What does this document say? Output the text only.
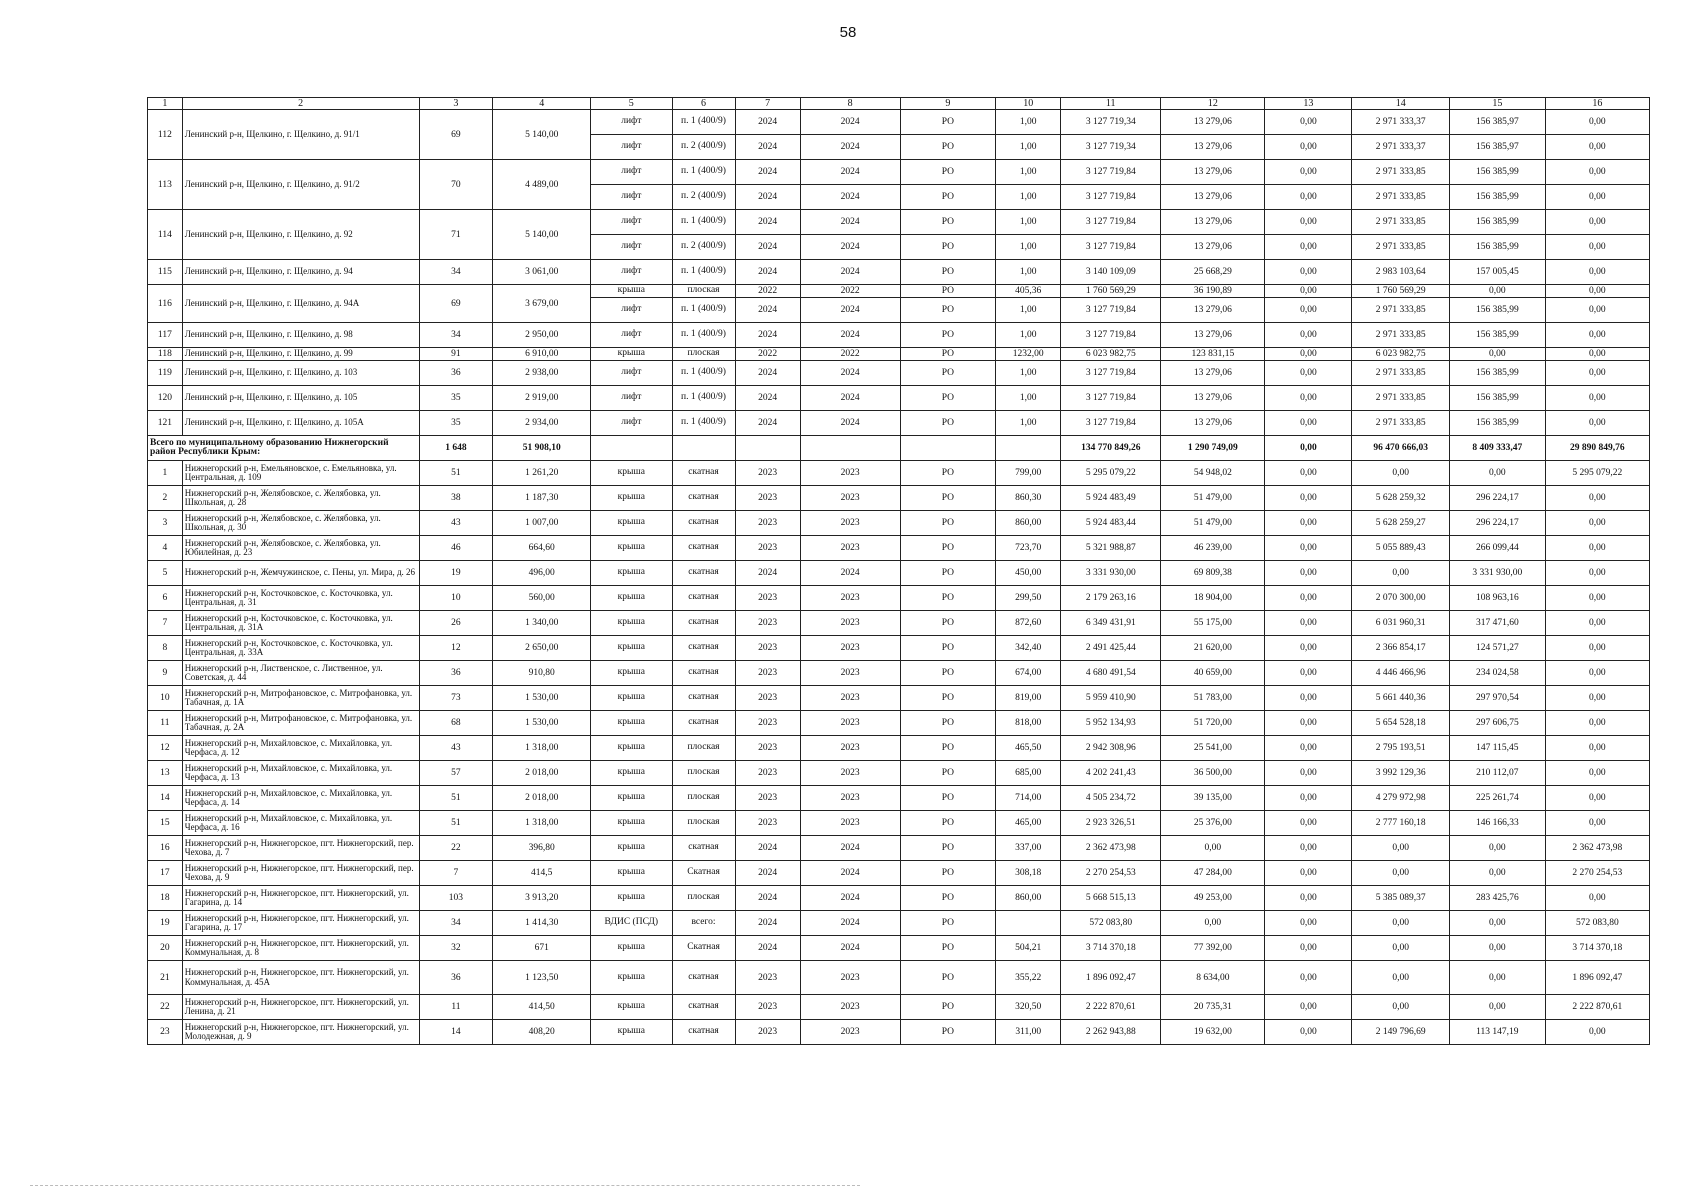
58
1	2	3	4	5	6	7	8	9	10	11	12	13	14	15	16
112	Ленинский р-н, Щелкино, г. Щелкино, д. 91/1	69	5 140,00	лифт	п. 1 (400/9)	2024	2024	РО	1,00	3 127 719,34	13 279,06	0,00	2 971 333,37	156 385,97	0,00
				лифт	п. 2 (400/9)	2024	2024	РО	1,00	3 127 719,34	13 279,06	0,00	2 971 333,37	156 385,97	0,00
113	Ленинский р-н, Щелкино, г. Щелкино, д. 91/2	70	4 489,00	лифт	п. 1 (400/9)	2024	2024	РО	1,00	3 127 719,84	13 279,06	0,00	2 971 333,85	156 385,99	0,00
				лифт	п. 2 (400/9)	2024	2024	РО	1,00	3 127 719,84	13 279,06	0,00	2 971 333,85	156 385,99	0,00
114	Ленинский р-н, Щелкино, г. Щелкино, д. 92	71	5 140,00	лифт	п. 1 (400/9)	2024	2024	РО	1,00	3 127 719,84	13 279,06	0,00	2 971 333,85	156 385,99	0,00
				лифт	п. 2 (400/9)	2024	2024	РО	1,00	3 127 719,84	13 279,06	0,00	2 971 333,85	156 385,99	0,00
115	Ленинский р-н, Щелкино, г. Щелкино, д. 94	34	3 061,00	лифт	п. 1 (400/9)	2024	2024	РО	1,00	3 140 109,09	25 668,29	0,00	2 983 103,64	157 005,45	0,00
116	Ленинский р-н, Щелкино, г. Щелкино, д. 94А	69	3 679,00	крыша	плоская	2022	2022	РО	405,36	1 760 569,29	36 190,89	0,00	1 760 569,29	0,00	0,00
				лифт	п. 1 (400/9)	2024	2024	РО	1,00	3 127 719,84	13 279,06	0,00	2 971 333,85	156 385,99	0,00
117	Ленинский р-н, Щелкино, г. Щелкино, д. 98	34	2 950,00	лифт	п. 1 (400/9)	2024	2024	РО	1,00	3 127 719,84	13 279,06	0,00	2 971 333,85	156 385,99	0,00
118	Ленинский р-н, Щелкино, г. Щелкино, д. 99	91	6 910,00	крыша	плоская	2022	2022	РО	1232,00	6 023 982,75	123 831,15	0,00	6 023 982,75	0,00	0,00
119	Ленинский р-н, Щелкино, г. Щелкино, д. 103	36	2 938,00	лифт	п. 1 (400/9)	2024	2024	РО	1,00	3 127 719,84	13 279,06	0,00	2 971 333,85	156 385,99	0,00
120	Ленинский р-н, Щелкино, г. Щелкино, д. 105	35	2 919,00	лифт	п. 1 (400/9)	2024	2024	РО	1,00	3 127 719,84	13 279,06	0,00	2 971 333,85	156 385,99	0,00
121	Ленинский р-н, Щелкино, г. Щелкино, д. 105А	35	2 934,00	лифт	п. 1 (400/9)	2024	2024	РО	1,00	3 127 719,84	13 279,06	0,00	2 971 333,85	156 385,99	0,00
Всего по муниципальному образованию Нижнегорский район Республики Крым:		1 648	51 908,10							134 770 849,26	1 290 749,09	0,00	96 470 666,03	8 409 333,47	29 890 849,76
1	Нижнегорский р-н, Емельяновское, с. Емельяновка, ул. Центральная, д. 109	51	1 261,20	крыша	скатная	2023	2023	РО	799,00	5 295 079,22	54 948,02	0,00	0,00	0,00	5 295 079,22
2	Нижнегорский р-н, Желябовское, с. Желябовка, ул. Школьная, д. 28	38	1 187,30	крыша	скатная	2023	2023	РО	860,30	5 924 483,49	51 479,00	0,00	5 628 259,32	296 224,17	0,00
3	Нижнегорский р-н, Желябовское, с. Желябовка, ул. Школьная, д. 30	43	1 007,00	крыша	скатная	2023	2023	РО	860,00	5 924 483,44	51 479,00	0,00	5 628 259,27	296 224,17	0,00
4	Нижнегорский р-н, Желябовское, с. Желябовка, ул. Юбилейная, д. 23	46	664,60	крыша	скатная	2023	2023	РО	723,70	5 321 988,87	46 239,00	0,00	5 055 889,43	266 099,44	0,00
5	Нижнегорский р-н, Жемчужинское, с. Пены, ул. Мира, д. 26	19	496,00	крыша	скатная	2024	2024	РО	450,00	3 331 930,00	69 809,38	0,00	0,00	3 331 930,00	0,00
6	Нижнегорский р-н, Косточковское, с. Косточковка, ул. Центральная, д. 31	10	560,00	крыша	скатная	2023	2023	РО	299,50	2 179 263,16	18 904,00	0,00	2 070 300,00	108 963,16	0,00
7	Нижнегорский р-н, Косточковское, с. Косточковка, ул. Центральная, д. 31А	26	1 340,00	крыша	скатная	2023	2023	РО	872,60	6 349 431,91	55 175,00	0,00	6 031 960,31	317 471,60	0,00
8	Нижнегорский р-н, Косточковское, с. Косточковка, ул. Центральная, д. 33А	12	2 650,00	крыша	скатная	2023	2023	РО	342,40	2 491 425,44	21 620,00	0,00	2 366 854,17	124 571,27	0,00
9	Нижнегорский р-н, Лиственское, с. Лиственное, ул. Советская, д. 44	36	910,80	крыша	скатная	2023	2023	РО	674,00	4 680 491,54	40 659,00	0,00	4 446 466,96	234 024,58	0,00
10	Нижнегорский р-н, Митрофановское, с. Митрофановка, ул. Табачная, д. 1А	73	1 530,00	крыша	скатная	2023	2023	РО	819,00	5 959 410,90	51 783,00	0,00	5 661 440,36	297 970,54	0,00
11	Нижнегорский р-н, Митрофановское, с. Митрофановка, ул. Табачная, д. 2А	68	1 530,00	крыша	скатная	2023	2023	РО	818,00	5 952 134,93	51 720,00	0,00	5 654 528,18	297 606,75	0,00
12	Нижнегорский р-н, Михайловское, с. Михайловка, ул. Черфаса, д. 12	43	1 318,00	крыша	плоская	2023	2023	РО	465,50	2 942 308,96	25 541,00	0,00	2 795 193,51	147 115,45	0,00
13	Нижнегорский р-н, Михайловское, с. Михайловка, ул. Черфаса, д. 13	57	2 018,00	крыша	плоская	2023	2023	РО	685,00	4 202 241,43	36 500,00	0,00	3 992 129,36	210 112,07	0,00
14	Нижнегорский р-н, Михайловское, с. Михайловка, ул. Черфаса, д. 14	51	2 018,00	крыша	плоская	2023	2023	РО	714,00	4 505 234,72	39 135,00	0,00	4 279 972,98	225 261,74	0,00
15	Нижнегорский р-н, Михайловское, с. Михайловка, ул. Черфаса, д. 16	51	1 318,00	крыша	плоская	2023	2023	РО	465,00	2 923 326,51	25 376,00	0,00	2 777 160,18	146 166,33	0,00
16	Нижнегорский р-н, Нижнегорское, пгт. Нижнегорский, пер. Чехова, д. 7	22	396,80	крыша	скатная	2024	2024	РО	337,00	2 362 473,98	0,00	0,00	0,00	0,00	2 362 473,98
17	Нижнегорский р-н, Нижнегорское, пгт. Нижнегорский, пер. Чехова, д. 9	7	414,5	крыша	Скатная	2024	2024	РО	308,18	2 270 254,53	47 284,00	0,00	0,00	0,00	2 270 254,53
18	Нижнегорский р-н, Нижнегорское, пгт. Нижнегорский, ул. Гагарина, д. 14	103	3 913,20	крыша	плоская	2024	2024	РО	860,00	5 668 515,13	49 253,00	0,00	5 385 089,37	283 425,76	0,00
19	Нижнегорский р-н, Нижнегорское, пгт. Нижнегорский, ул. Гагарина, д. 17	34	1 414,30	ВДИС (ПСД)	всего:	2024	2024	РО		572 083,80	0,00	0,00	0,00	0,00	572 083,80
20	Нижнегорский р-н, Нижнегорское, пгт. Нижнегорский, ул. Коммунальная, д. 8	32	671	крыша	Скатная	2024	2024	РО	504,21	3 714 370,18	77 392,00	0,00	0,00	0,00	3 714 370,18
21	Нижнегорский р-н, Нижнегорское, пгт. Нижнегорский, ул. Коммунальная, д. 45А	36	1 123,50	крыша	скатная	2023	2023	РО	355,22	1 896 092,47	8 634,00	0,00	0,00	0,00	1 896 092,47
22	Нижнегорский р-н, Нижнегорское, пгт. Нижнегорский, ул. Ленина, д. 21	11	414,50	крыша	скатная	2023	2023	РО	320,50	2 222 870,61	20 735,31	0,00	0,00	0,00	2 222 870,61
23	Нижнегорский р-н, Нижнегорское, пгт. Нижнегорский, ул. Молодежная, д. 9	14	408,20	крыша	скатная	2023	2023	РО	311,00	2 262 943,88	19 632,00	0,00	2 149 796,69	113 147,19	0,00
